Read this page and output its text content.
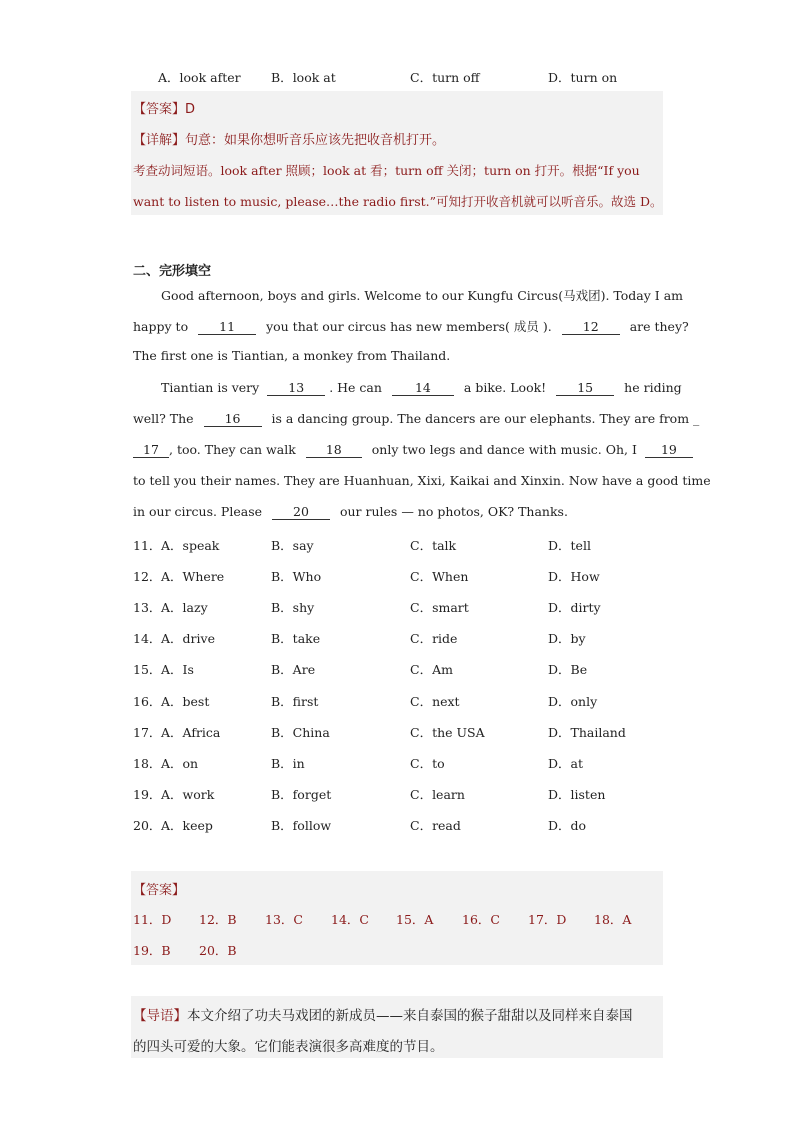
A．look after B．look at	C．turn off	D．turn on
【答案】D
【详解】句意：如果你想听音乐应该先把收音机打开。
考查动词短语。look after 照顾；look at 看；turn off 关闭；turn on 打开。根据“If you
want to listen to music, please…the radio first.”可知打开收音机就可以听音乐。故选 D。
二、完形填空
Good afternoon, boys and girls. Welcome to our Kungfu Circus(马戏团). Today I am
happy to 11 you that our circus has new members( 成员 ). 12 are they?
The first one is Tiantian, a monkey from Thailand.
Tiantian is very 13 . He can	14	a bike. Look! 15 he riding
well? The 16 is a dancing group. The dancers are our elephants. They are from _
17 , too. They can walk 18 only two legs and dance with music. Oh, I 19
to tell you their names. They are Huanhuan, Xixi, Kaikai and Xinxin. Now have a good time
in our circus. Please 20 our rules — no photos, OK? Thanks.
11． A．speak	B．say	C．talk	D．tell
12． A．Where	B．Who	C．When	D．How
13． A．lazy	B．shy	C．smart	D．dirty
14． A．drive	B．take	C．ride	D．by
15． A．Is	B．Are	C．Am	D．Be
16． A．best	B．first	C．next	D．only
17． A．Africa	B．China	C．the USA	D．Thailand
18． A．on	B．in	C．to	D．at
19． A．work	B．forget	C．learn	D．listen
20． A．keep	B．follow	C．read	D．do
【答案】
11．D 12．B 13．C 14．C 15．A 16．C 17．D 18．A
19．B 20．B
【导语】本文介绍了功夫马戏团的新成员——来自泰国的猴子甜甜以及同样来自泰国
的四头可爱的大象。它们能表演很多高难度的节目。
